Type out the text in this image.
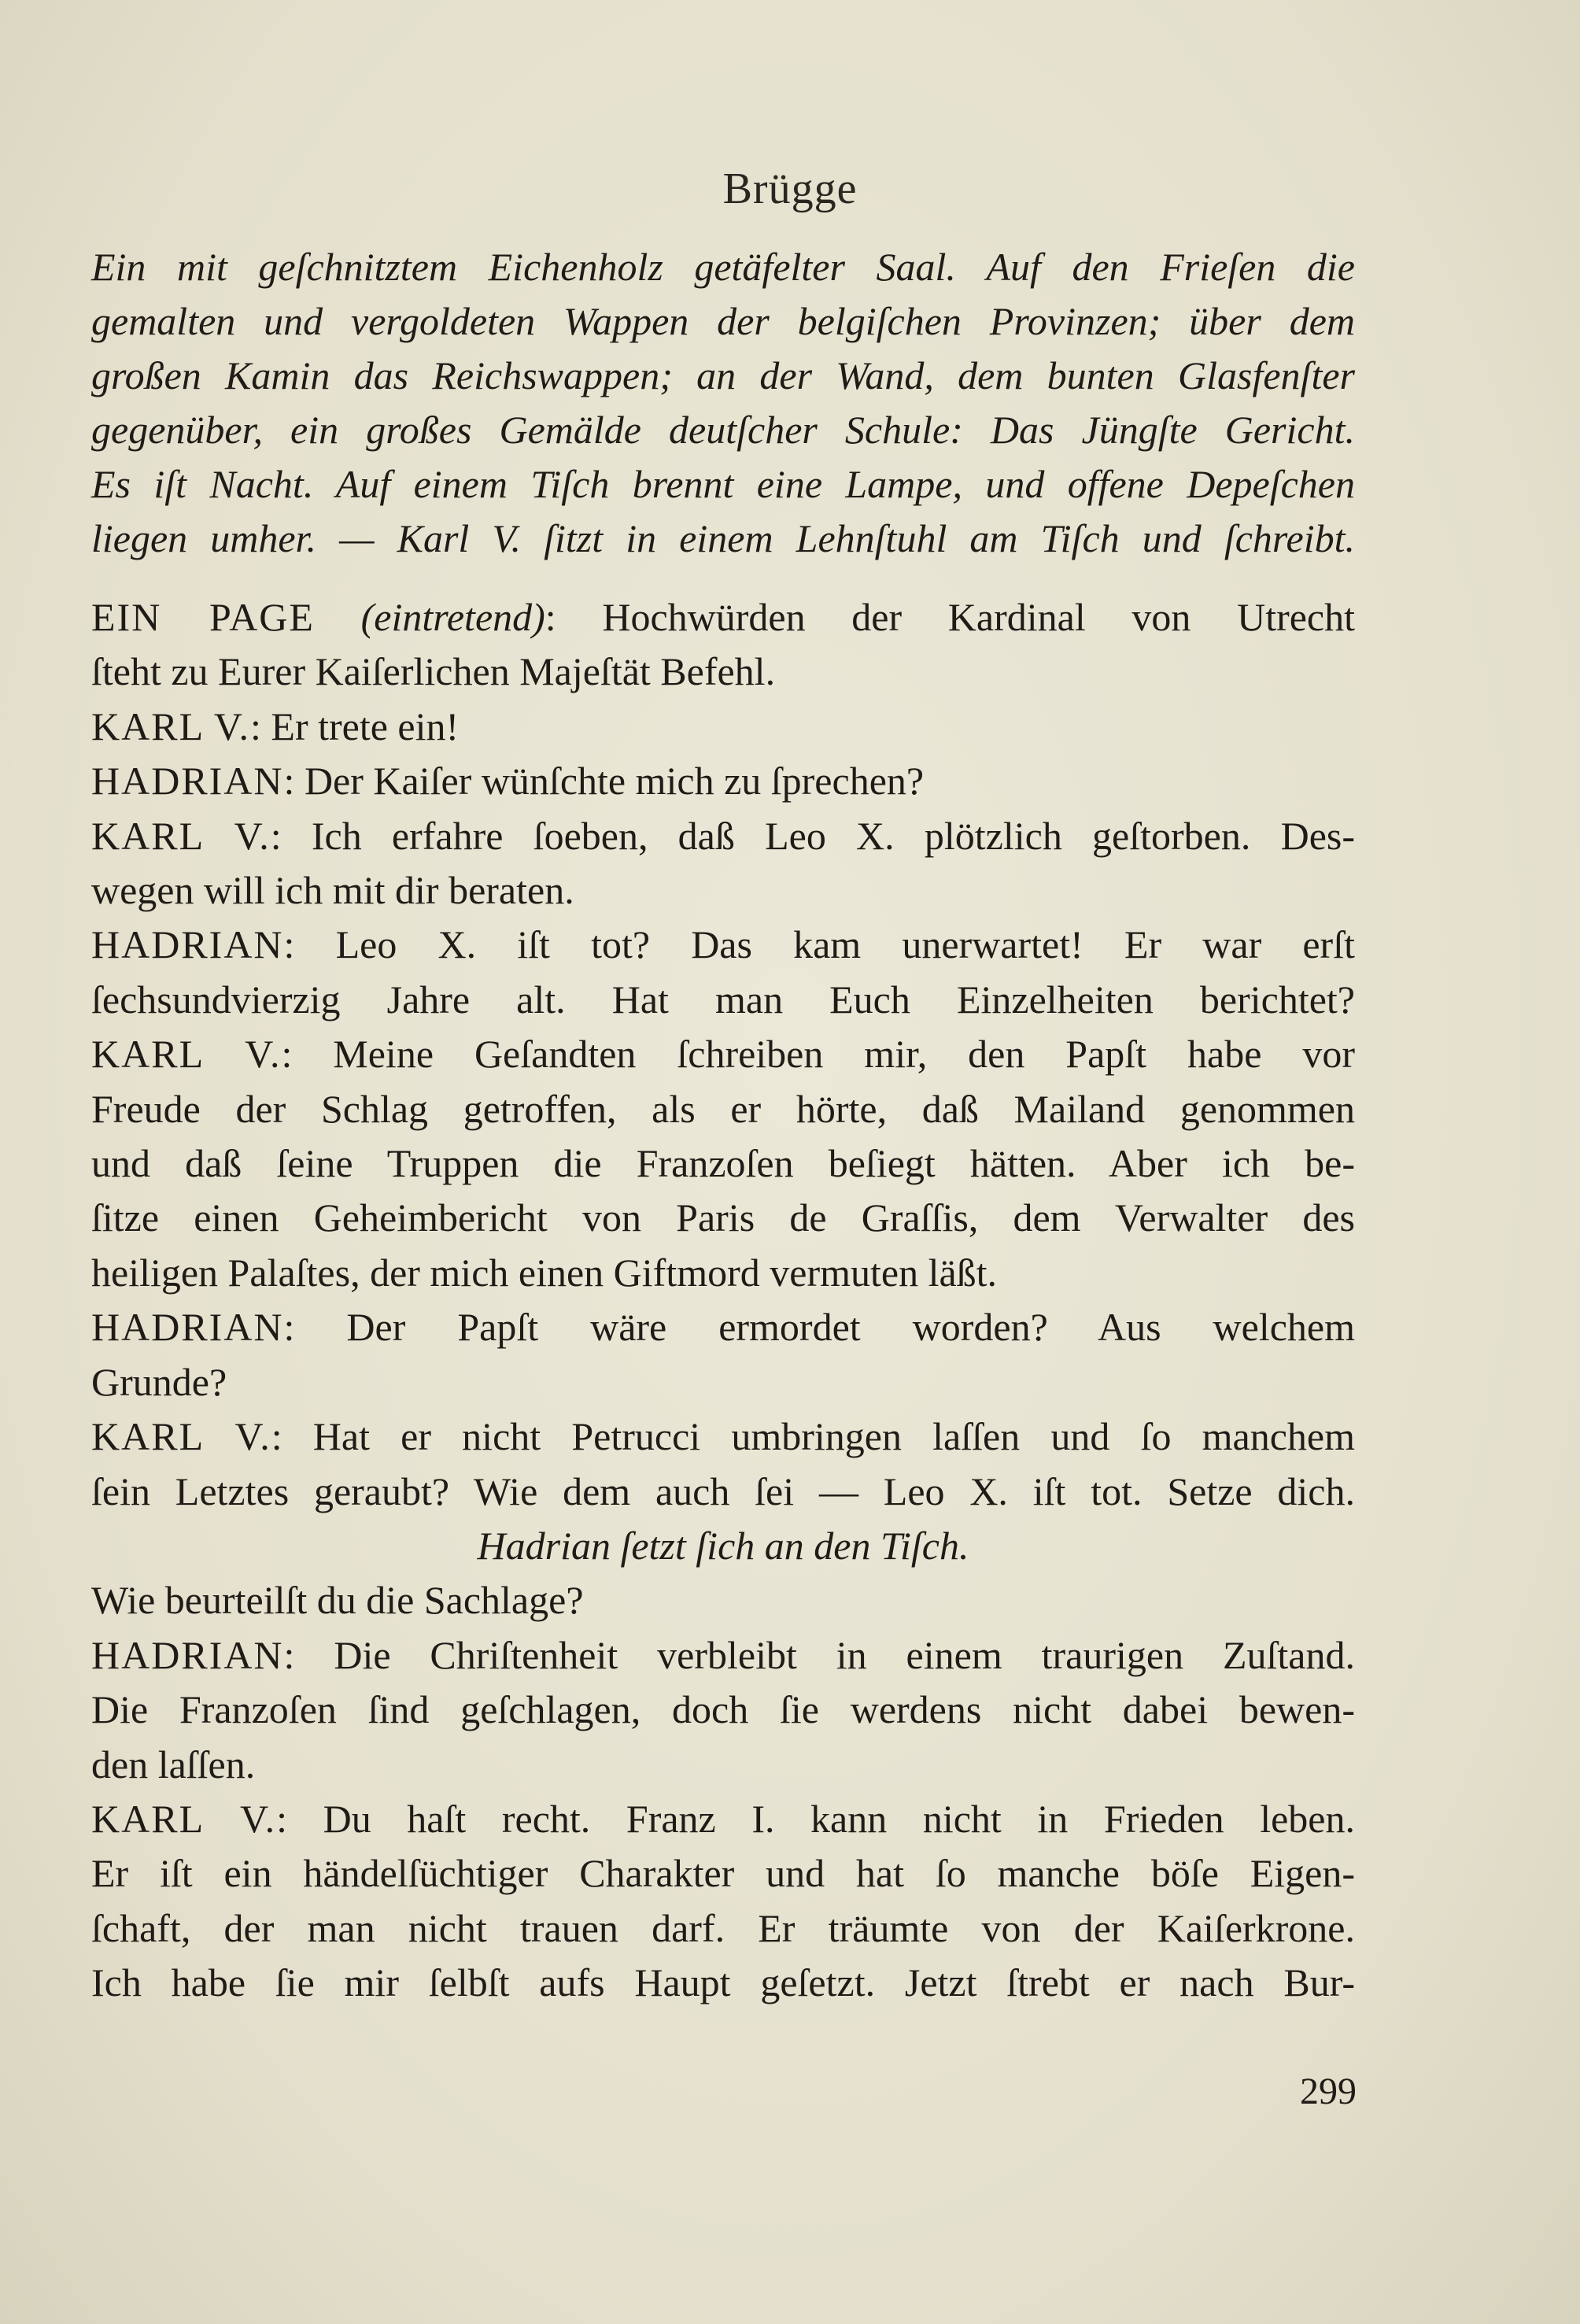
Brügge
Ein mit geſchnitztem Eichenholz getäfelter Saal. Auf den Frieſen die
gemalten und vergoldeten Wappen der belgiſchen Provinzen; über dem
großen Kamin das Reichswappen; an der Wand, dem bunten Glasfenſter
gegenüber, ein großes Gemälde deutſcher Schule: Das Jüngſte Gericht.
Es iſt Nacht. Auf einem Tiſch brennt eine Lampe, und offene Depeſchen
liegen umher. — Karl V. ſitzt in einem Lehnſtuhl am Tiſch und ſchreibt.
EIN PAGE (eintretend): Hochwürden der Kardinal von Utrecht
ſteht zu Eurer Kaiſerlichen Majeſtät Befehl.
KARL V.: Er trete ein!
HADRIAN: Der Kaiſer wünſchte mich zu ſprechen?
KARL V.: Ich erfahre ſoeben, daß Leo X. plötzlich geſtorben. Des-
wegen will ich mit dir beraten.
HADRIAN: Leo X. iſt tot? Das kam unerwartet! Er war erſt
ſechsundvierzig Jahre alt. Hat man Euch Einzelheiten berichtet?
KARL V.: Meine Geſandten ſchreiben mir, den Papſt habe vor
Freude der Schlag getroffen, als er hörte, daß Mailand genommen
und daß ſeine Truppen die Franzoſen beſiegt hätten. Aber ich be-
ſitze einen Geheimbericht von Paris de Graſſis, dem Verwalter des
heiligen Palaſtes, der mich einen Giftmord vermuten läßt.
HADRIAN: Der Papſt wäre ermordet worden? Aus welchem
Grunde?
KARL V.: Hat er nicht Petrucci umbringen laſſen und ſo manchem
ſein Letztes geraubt? Wie dem auch ſei — Leo X. iſt tot. Setze dich.
Hadrian ſetzt ſich an den Tiſch.
Wie beurteilſt du die Sachlage?
HADRIAN: Die Chriſtenheit verbleibt in einem traurigen Zuſtand.
Die Franzoſen ſind geſchlagen, doch ſie werdens nicht dabei bewen-
den laſſen.
KARL V.: Du haſt recht. Franz I. kann nicht in Frieden leben.
Er iſt ein händelſüchtiger Charakter und hat ſo manche böſe Eigen-
ſchaft, der man nicht trauen darf. Er träumte von der Kaiſerkrone.
Ich habe ſie mir ſelbſt aufs Haupt geſetzt. Jetzt ſtrebt er nach Bur-
299
